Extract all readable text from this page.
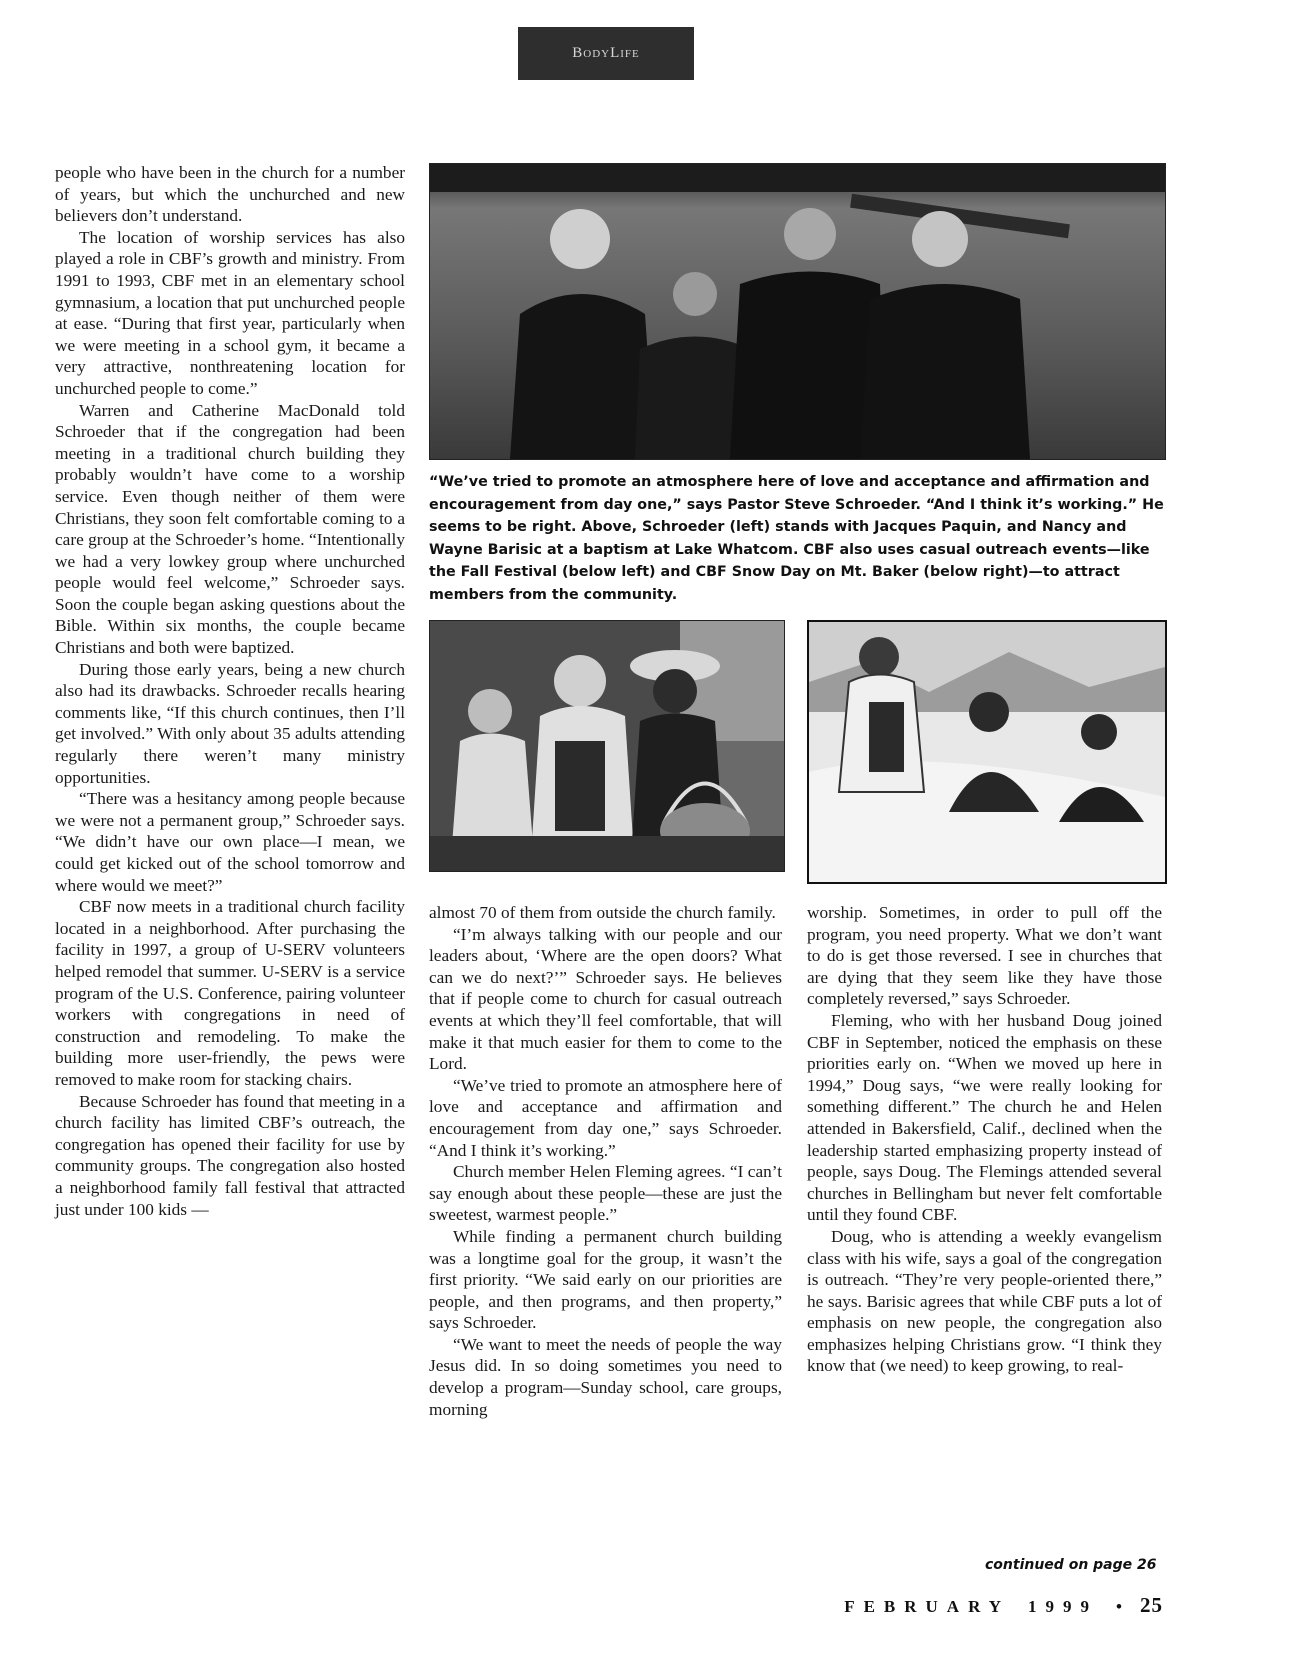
BodyLife

people who have been in the church for a number of years, but which the unchurched and new believers don’t understand.

The location of worship services has also played a role in CBF’s growth and ministry. From 1991 to 1993, CBF met in an elementary school gymnasium, a location that put unchurched people at ease. “During that first year, particularly when we were meeting in a school gym, it became a very attractive, nonthreatening location for unchurched people to come.”

Warren and Catherine MacDonald told Schroeder that if the congregation had been meeting in a traditional church building they probably wouldn’t have come to a worship service. Even though neither of them were Christians, they soon felt comfortable coming to a care group at the Schroeder’s home. “Intentionally we had a very lowkey group where unchurched people would feel welcome,” Schroeder says. Soon the couple began asking questions about the Bible. Within six months, the couple became Christians and both were baptized.

During those early years, being a new church also had its drawbacks. Schroeder recalls hearing comments like, “If this church continues, then I’ll get involved.” With only about 35 adults attending regularly there weren’t many ministry opportunities.

“There was a hesitancy among people because we were not a permanent group,” Schroeder says. “We didn’t have our own place—I mean, we could get kicked out of the school tomorrow and where would we meet?”

CBF now meets in a traditional church facility located in a neighborhood. After purchasing the facility in 1997, a group of U-SERV volunteers helped remodel that summer. U-SERV is a service program of the U.S. Conference, pairing volunteer workers with congregations in need of construction and remodeling. To make the building more user-friendly, the pews were removed to make room for stacking chairs.

Because Schroeder has found that meeting in a church facility has limited CBF’s outreach, the congregation has opened their facility for use by community groups. The congregation also hosted a neighborhood family fall festival that attracted just under 100 kids —

“We’ve tried to promote an atmosphere here of love and acceptance and affirmation and encouragement from day one,” says Pastor Steve Schroeder. “And I think it’s working.” He seems to be right. Above, Schroeder (left) stands with Jacques Paquin, and Nancy and Wayne Barisic at a baptism at Lake Whatcom. CBF also uses casual outreach events—like the Fall Festival (below left) and CBF Snow Day on Mt. Baker (below right)—to attract members from the community.

almost 70 of them from outside the church family.

“I’m always talking with our people and our leaders about, ‘Where are the open doors? What can we do next?’” Schroeder says. He believes that if people come to church for casual outreach events at which they’ll feel comfortable, that will make it that much easier for them to come to the Lord.

“We’ve tried to promote an atmosphere here of love and acceptance and affirmation and encouragement from day one,” says Schroeder. “And I think it’s working.”

Church member Helen Fleming agrees. “I can’t say enough about these people—these are just the sweetest, warmest people.”

While finding a permanent church building was a longtime goal for the group, it wasn’t the first priority. “We said early on our priorities are people, and then programs, and then property,” says Schroeder.

“We want to meet the needs of people the way Jesus did. In so doing sometimes you need to develop a program—Sunday school, care groups, morning

worship. Sometimes, in order to pull off the program, you need property. What we don’t want to do is get those reversed. I see in churches that are dying that they seem like they have those completely reversed,” says Schroeder.

Fleming, who with her husband Doug joined CBF in September, noticed the emphasis on these priorities early on. “When we moved up here in 1994,” Doug says, “we were really looking for something different.” The church he and Helen attended in Bakersfield, Calif., declined when the leadership started emphasizing property instead of people, says Doug. The Flemings attended several churches in Bellingham but never felt comfortable until they found CBF.

Doug, who is attending a weekly evangelism class with his wife, says a goal of the congregation is outreach. “They’re very people-oriented there,” he says. Barisic agrees that while CBF puts a lot of emphasis on new people, the congregation also emphasizes helping Christians grow. “I think they know that (we need) to keep growing, to real-

continued on page 26
FEBRUARY 1999 • 25
